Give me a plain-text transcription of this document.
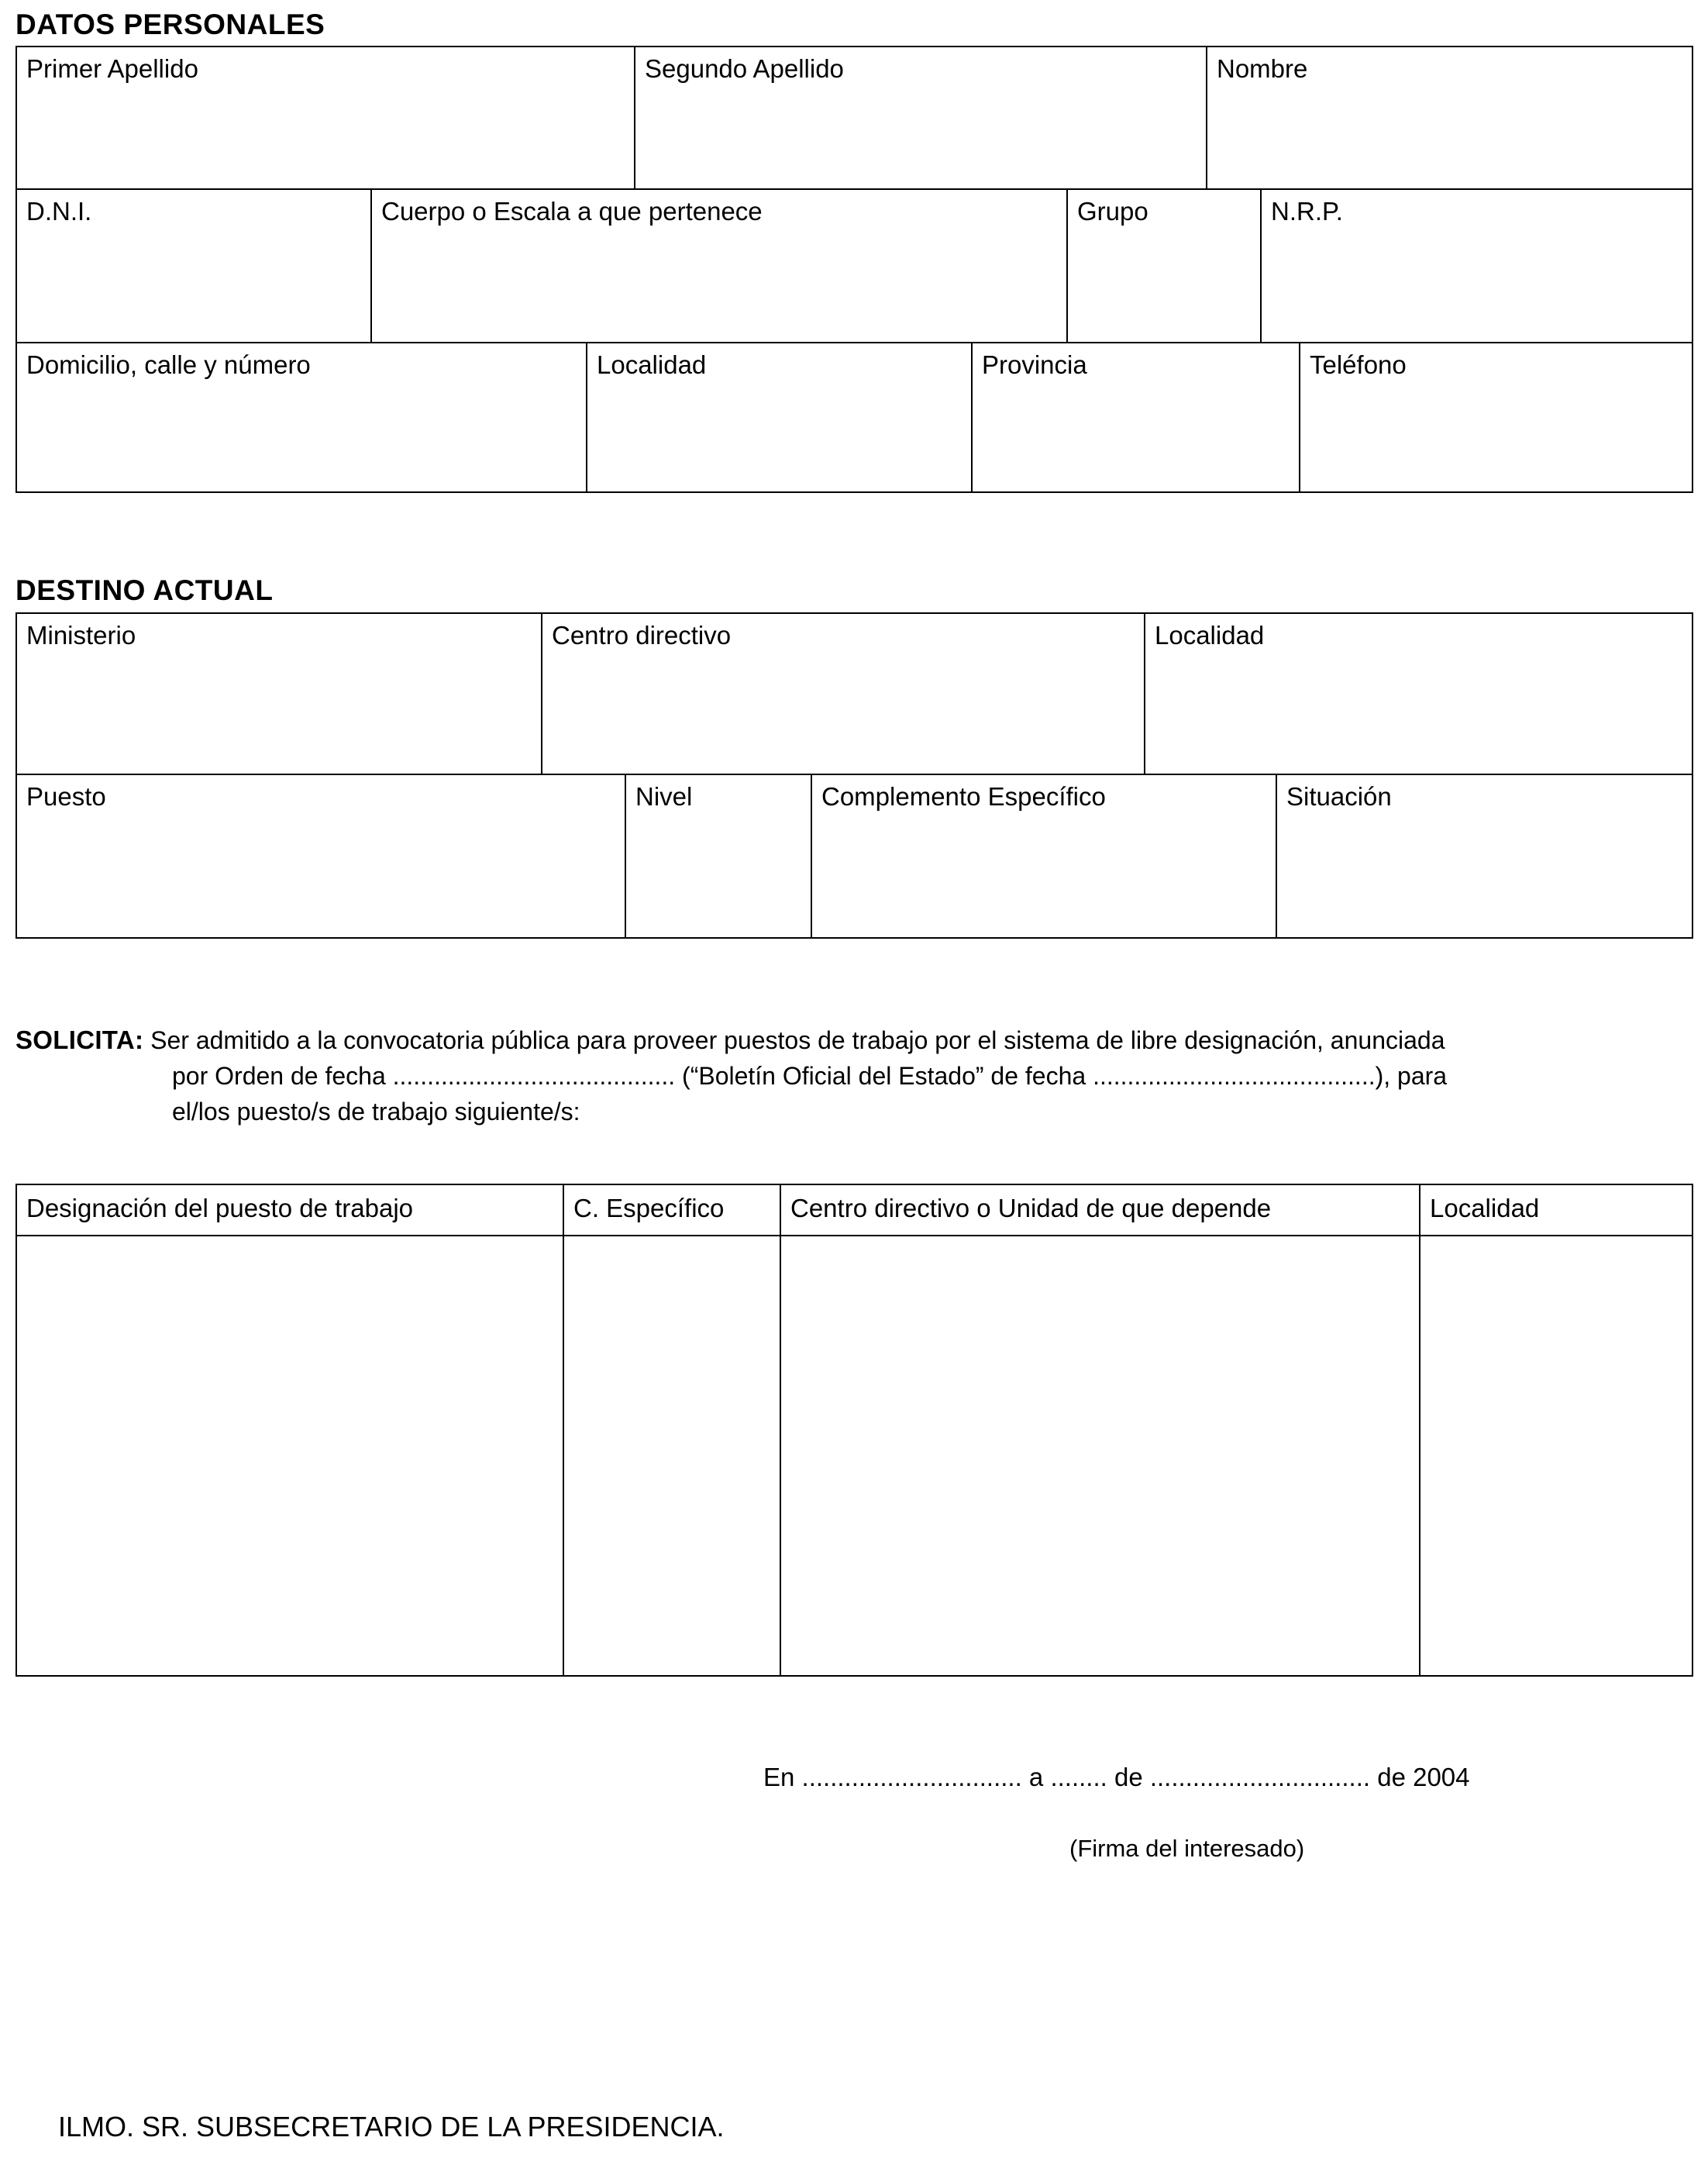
DATOS PERSONALES
Primer Apellido	Segundo Apellido	Nombre
D.N.I.	Cuerpo o Escala a que pertenece	Grupo	N.R.P.
Domicilio, calle y número	Localidad	Provincia	Teléfono
DESTINO ACTUAL
Ministerio	Centro directivo	Localidad
Puesto	Nivel	Complemento Específico	Situación

SOLICITA: Ser admitido a la convocatoria pública para proveer puestos de trabajo por el sistema de libre designación, anunciada
por Orden de fecha ......................................... (“Boletín Oficial del Estado” de fecha .........................................), para
el/los puesto/s de trabajo siguiente/s:

Designación del puesto de trabajo	C. Específico	Centro directivo o Unidad de que depende	Localidad
En ............................... a ........ de ............................... de 2004
(Firma del interesado)
ILMO. SR. SUBSECRETARIO DE LA PRESIDENCIA.
